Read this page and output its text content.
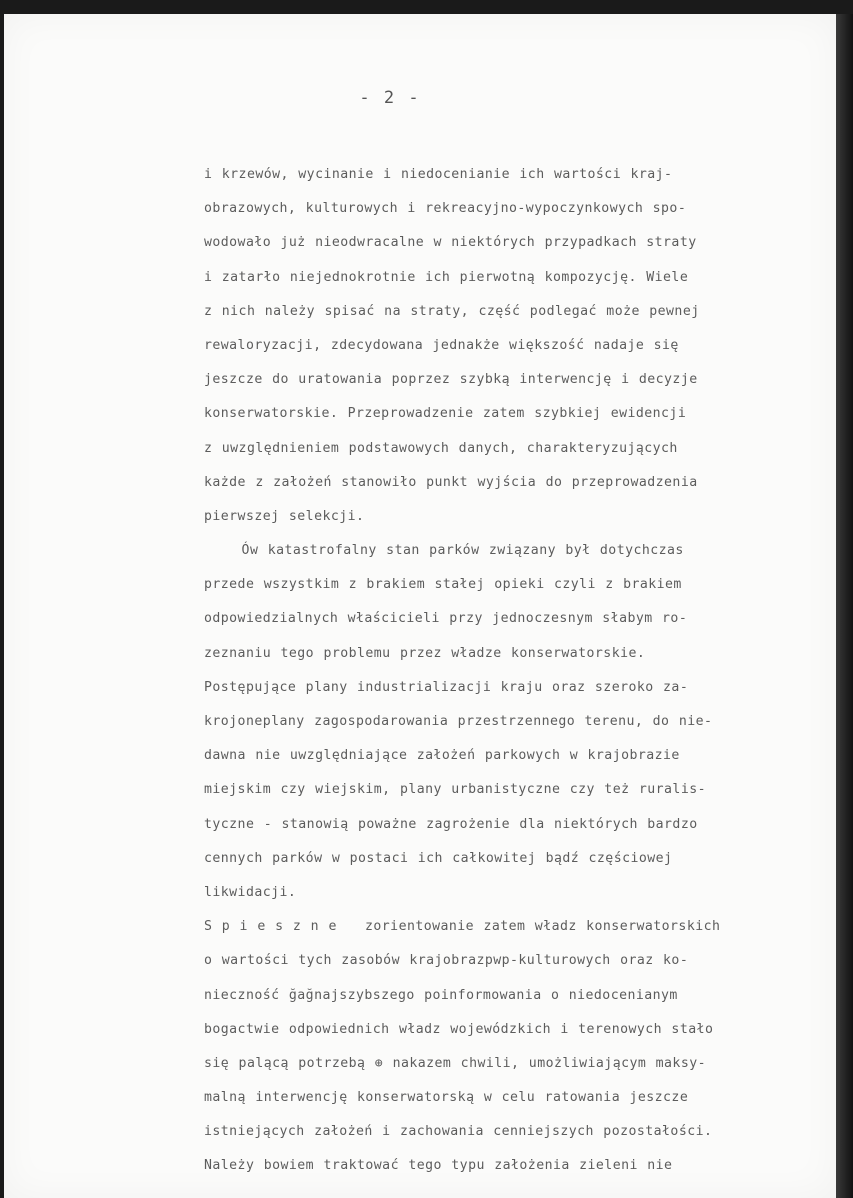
- 2 -
i krzewów, wycinanie i niedocenianie ich wartości kraj-
obrazowych, kulturowych i rekreacyjno-wypoczynkowych spo-
wodowało już nieodwracalne w niektórych przypadkach straty
i zatarło niejednokrotnie ich pierwotną kompozycję. Wiele
z nich należy spisać na straty, część podlegać może pewnej
rewaloryzacji, zdecydowana jednakże większość nadaje się
jeszcze do uratowania poprzez szybką interwencję i decyzje
konserwatorskie. Przeprowadzenie zatem szybkiej ewidencji
z uwzględnieniem podstawowych danych, charakteryzujących
każde z założeń stanowiło punkt wyjścia do przeprowadzenia
pierwszej selekcji.
Ów katastrofalny stan parków związany był dotychczas
przede wszystkim z brakiem stałej opieki czyli z brakiem
odpowiedzialnych właścicieli przy jednoczesnym słabym ro-
zeznaniu tego problemu przez władze konserwatorskie.
Postępujące plany industrializacji kraju oraz szeroko za-
krojoneplany zagospodarowania przestrzennego terenu, do nie-
dawna nie uwzględniające założeń parkowych w krajobrazie
miejskim czy wiejskim, plany urbanistyczne czy też ruralis-
tyczne - stanowią poważne zagrożenie dla niektórych bardzo
cennych parków w postaci ich całkowitej bądź częściowej
likwidacji.
S p i e s z n e   zorientowanie zatem władz konserwatorskich
o wartości tych zasobów krajobrazpwp-kulturowych oraz ko-
nieczność ğağnajszybszego poinformowania o niedocenianym
bogactwie odpowiednich władz wojewódzkich i terenowych stało
się palącą potrzebą ⊕ nakazem chwili, umożliwiającym maksy-
malną interwencję konserwatorską w celu ratowania jeszcze
istniejących założeń i zachowania cenniejszych pozostałości.
Należy bowiem traktować tego typu założenia zieleni nie
